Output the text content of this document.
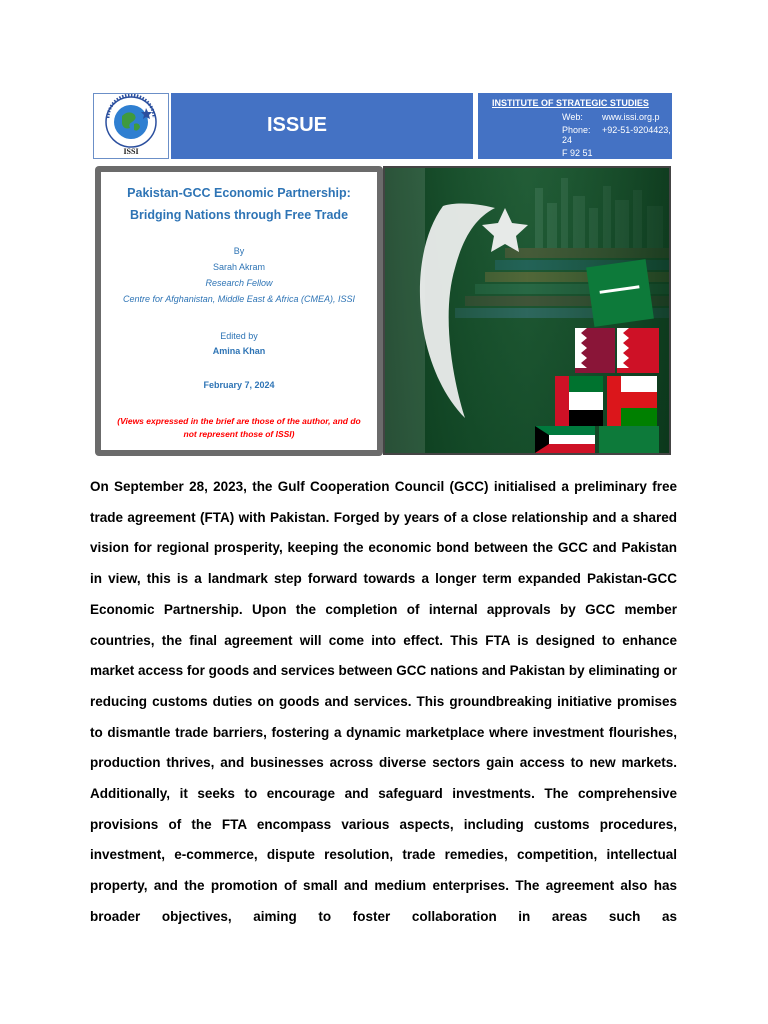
ISSI
ISSUE
INSTITUTE OF STRATEGIC STUDIES
Web: www.issi.org.p
Phone: +92-51-9204423,
24
F 92 51
Pakistan-GCC Economic Partnership:
Bridging Nations through Free Trade
By
Sarah Akram
Research Fellow
Centre for Afghanistan, Middle East & Africa (CMEA), ISSI
Edited by
Amina Khan
February 7, 2024
(Views expressed in the brief are those of the author, and do not represent those of ISSI)

On September 28, 2023, the Gulf Cooperation Council (GCC) initialised a preliminary free trade agreement (FTA) with Pakistan. Forged by years of a close relationship and a shared vision for regional prosperity, keeping the economic bond between the GCC and Pakistan in view, this is a landmark step forward towards a longer term expanded Pakistan-GCC Economic Partnership. Upon the completion of internal approvals by GCC member countries, the final agreement will come into effect. This FTA is designed to enhance market access for goods and services between GCC nations and Pakistan by eliminating or reducing customs duties on goods and services. This groundbreaking initiative promises to dismantle trade barriers, fostering a dynamic marketplace where investment flourishes, production thrives, and businesses across diverse sectors gain access to new markets. Additionally, it seeks to encourage and safeguard investments. The comprehensive provisions of the FTA encompass various aspects, including customs procedures, investment, e-commerce, dispute resolution, trade remedies, competition, intellectual property, and the promotion of small and medium enterprises. The agreement also has broader objectives, aiming to foster collaboration in areas such as
